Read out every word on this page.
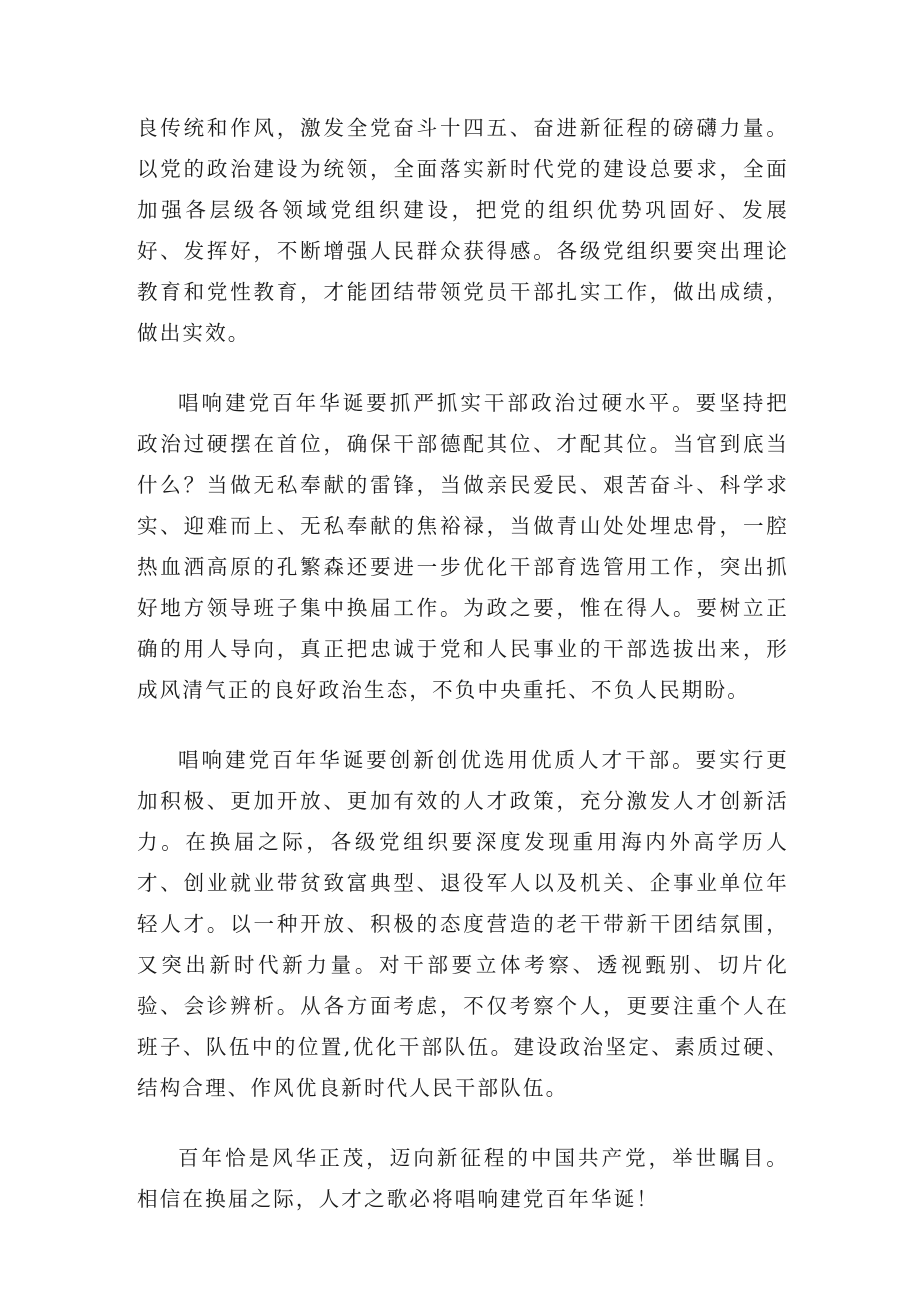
良传统和作风，激发全党奋斗十四五、奋进新征程的磅礴力量。以党的政治建设为统领，全面落实新时代党的建设总要求，全面加强各层级各领域党组织建设，把党的组织优势巩固好、发展好、发挥好，不断增强人民群众获得感。各级党组织要突出理论教育和党性教育，才能团结带领党员干部扎实工作，做出成绩，做出实效。

唱响建党百年华诞要抓严抓实干部政治过硬水平。要坚持把政治过硬摆在首位，确保干部德配其位、才配其位。当官到底当什么？当做无私奉献的雷锋，当做亲民爱民、艰苦奋斗、科学求实、迎难而上、无私奉献的焦裕禄，当做青山处处埋忠骨，一腔热血洒高原的孔繁森还要进一步优化干部育选管用工作，突出抓好地方领导班子集中换届工作。为政之要，惟在得人。要树立正确的用人导向，真正把忠诚于党和人民事业的干部选拔出来，形成风清气正的良好政治生态，不负中央重托、不负人民期盼。

唱响建党百年华诞要创新创优选用优质人才干部。要实行更加积极、更加开放、更加有效的人才政策，充分激发人才创新活力。在换届之际，各级党组织要深度发现重用海内外高学历人才、创业就业带贫致富典型、退役军人以及机关、企事业单位年轻人才。以一种开放、积极的态度营造的老干带新干团结氛围，又突出新时代新力量。对干部要立体考察、透视甄别、切片化验、会诊辨析。从各方面考虑，不仅考察个人，更要注重个人在班子、队伍中的位置,优化干部队伍。建设政治坚定、素质过硬、结构合理、作风优良新时代人民干部队伍。

百年恰是风华正茂，迈向新征程的中国共产党，举世瞩目。相信在换届之际，人才之歌必将唱响建党百年华诞！
